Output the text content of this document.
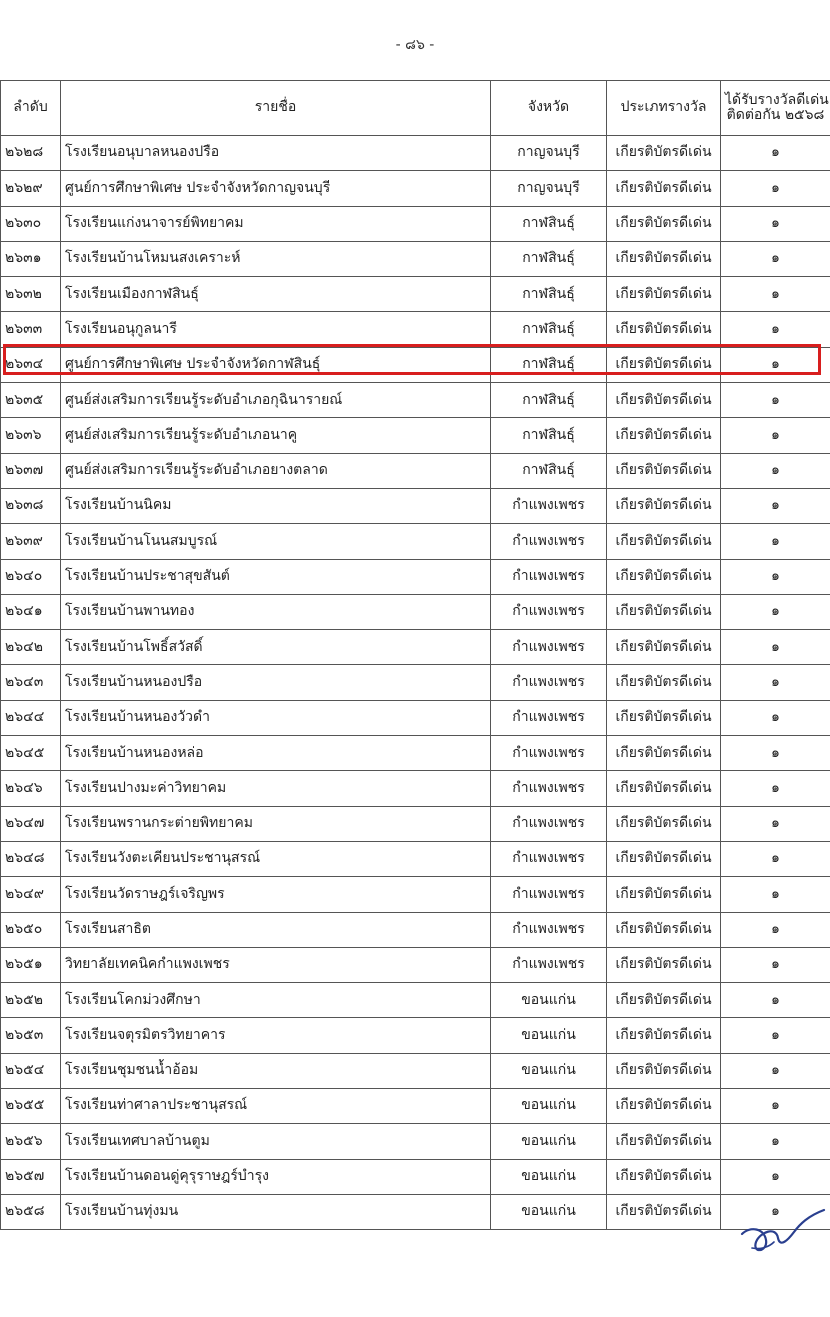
- ๘๖ -
ลำดับ	รายชื่อ	จังหวัด	ประเภทรางวัล	ได้รับรางวัลดีเด่น
ติดต่อกัน ๒๕๖๘

๒๖๒๘	โรงเรียนอนุบาลหนองปรือ	กาญจนบุรี	เกียรติบัตรดีเด่น	๑
๒๖๒๙	ศูนย์การศึกษาพิเศษ ประจำจังหวัดกาญจนบุรี	กาญจนบุรี	เกียรติบัตรดีเด่น	๑
๒๖๓๐	โรงเรียนแก่งนาจารย์พิทยาคม	กาฬสินธุ์	เกียรติบัตรดีเด่น	๑
๒๖๓๑	โรงเรียนบ้านโหมนสงเคราะห์	กาฬสินธุ์	เกียรติบัตรดีเด่น	๑
๒๖๓๒	โรงเรียนเมืองกาฬสินธุ์	กาฬสินธุ์	เกียรติบัตรดีเด่น	๑
๒๖๓๓	โรงเรียนอนุกูลนารี	กาฬสินธุ์	เกียรติบัตรดีเด่น	๑
๒๖๓๔	ศูนย์การศึกษาพิเศษ ประจำจังหวัดกาฬสินธุ์	กาฬสินธุ์	เกียรติบัตรดีเด่น	๑
๒๖๓๕	ศูนย์ส่งเสริมการเรียนรู้ระดับอำเภอกุฉินารายณ์	กาฬสินธุ์	เกียรติบัตรดีเด่น	๑
๒๖๓๖	ศูนย์ส่งเสริมการเรียนรู้ระดับอำเภอนาคู	กาฬสินธุ์	เกียรติบัตรดีเด่น	๑
๒๖๓๗	ศูนย์ส่งเสริมการเรียนรู้ระดับอำเภอยางตลาด	กาฬสินธุ์	เกียรติบัตรดีเด่น	๑
๒๖๓๘	โรงเรียนบ้านนิคม	กำแพงเพชร	เกียรติบัตรดีเด่น	๑
๒๖๓๙	โรงเรียนบ้านโนนสมบูรณ์	กำแพงเพชร	เกียรติบัตรดีเด่น	๑
๒๖๔๐	โรงเรียนบ้านประชาสุขสันต์	กำแพงเพชร	เกียรติบัตรดีเด่น	๑
๒๖๔๑	โรงเรียนบ้านพานทอง	กำแพงเพชร	เกียรติบัตรดีเด่น	๑
๒๖๔๒	โรงเรียนบ้านโพธิ์สวัสดิ์	กำแพงเพชร	เกียรติบัตรดีเด่น	๑
๒๖๔๓	โรงเรียนบ้านหนองปรือ	กำแพงเพชร	เกียรติบัตรดีเด่น	๑
๒๖๔๔	โรงเรียนบ้านหนองวัวดำ	กำแพงเพชร	เกียรติบัตรดีเด่น	๑
๒๖๔๕	โรงเรียนบ้านหนองหล่อ	กำแพงเพชร	เกียรติบัตรดีเด่น	๑
๒๖๔๖	โรงเรียนปางมะค่าวิทยาคม	กำแพงเพชร	เกียรติบัตรดีเด่น	๑
๒๖๔๗	โรงเรียนพรานกระต่ายพิทยาคม	กำแพงเพชร	เกียรติบัตรดีเด่น	๑
๒๖๔๘	โรงเรียนวังตะเคียนประชานุสรณ์	กำแพงเพชร	เกียรติบัตรดีเด่น	๑
๒๖๔๙	โรงเรียนวัดราษฎร์เจริญพร	กำแพงเพชร	เกียรติบัตรดีเด่น	๑
๒๖๕๐	โรงเรียนสาธิต	กำแพงเพชร	เกียรติบัตรดีเด่น	๑
๒๖๕๑	วิทยาลัยเทคนิคกำแพงเพชร	กำแพงเพชร	เกียรติบัตรดีเด่น	๑
๒๖๕๒	โรงเรียนโคกม่วงศึกษา	ขอนแก่น	เกียรติบัตรดีเด่น	๑
๒๖๕๓	โรงเรียนจตุรมิตรวิทยาคาร	ขอนแก่น	เกียรติบัตรดีเด่น	๑
๒๖๕๔	โรงเรียนชุมชนน้ำอ้อม	ขอนแก่น	เกียรติบัตรดีเด่น	๑
๒๖๕๕	โรงเรียนท่าศาลาประชานุสรณ์	ขอนแก่น	เกียรติบัตรดีเด่น	๑
๒๖๕๖	โรงเรียนเทศบาลบ้านตูม	ขอนแก่น	เกียรติบัตรดีเด่น	๑
๒๖๕๗	โรงเรียนบ้านดอนดู่คุรุราษฎร์บำรุง	ขอนแก่น	เกียรติบัตรดีเด่น	๑
๒๖๕๘	โรงเรียนบ้านทุ่งมน	ขอนแก่น	เกียรติบัตรดีเด่น	๑
